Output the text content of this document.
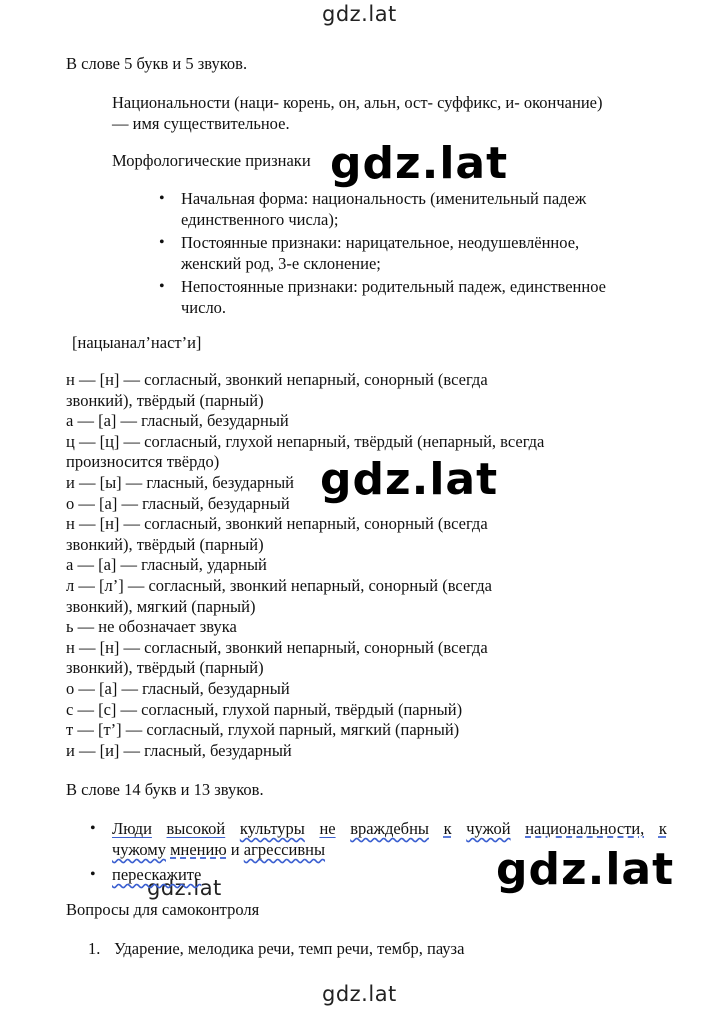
gdz.lat
gdz.lat
gdz.lat
gdz.lat
gdz.lat
gdz.lat
В слове 5 букв и 5 звуков.
Национальности (наци- корень, он, альн, ост- суффикс, и- окончание)
— имя существительное.
Морфологические признаки
• Начальная форма: национальность (именительный падеж
единственного числа);
• Постоянные признаки: нарицательное, неодушевлённое,
женский род, 3-е склонение;
• Непостоянные признаки: родительный падеж, единственное
число.
[нацыанал’наст’и]
н — [н] — согласный, звонкий непарный, сонорный (всегда
звонкий), твёрдый (парный)
а — [а] — гласный, безударный
ц — [ц] — согласный, глухой непарный, твёрдый (непарный, всегда
произносится твёрдо)
и — [ы] — гласный, безударный
о — [а] — гласный, безударный
н — [н] — согласный, звонкий непарный, сонорный (всегда
звонкий), твёрдый (парный)
а — [а] — гласный, ударный
л — [л’] — согласный, звонкий непарный, сонорный (всегда
звонкий), мягкий (парный)
ь — не обозначает звука
н — [н] — согласный, звонкий непарный, сонорный (всегда
звонкий), твёрдый (парный)
о — [а] — гласный, безударный
с — [с] — согласный, глухой парный, твёрдый (парный)
т — [т’] — согласный, глухой парный, мягкий (парный)
и — [и] — гласный, безударный
В слове 14 букв и 13 звуков.
• Люди высокой культуры не враждебны к чужой национальности, к
чужому мнению и агрессивны
• перескажите
Вопросы для самоконтроля
1. Ударение, мелодика речи, темп речи, тембр, пауза
